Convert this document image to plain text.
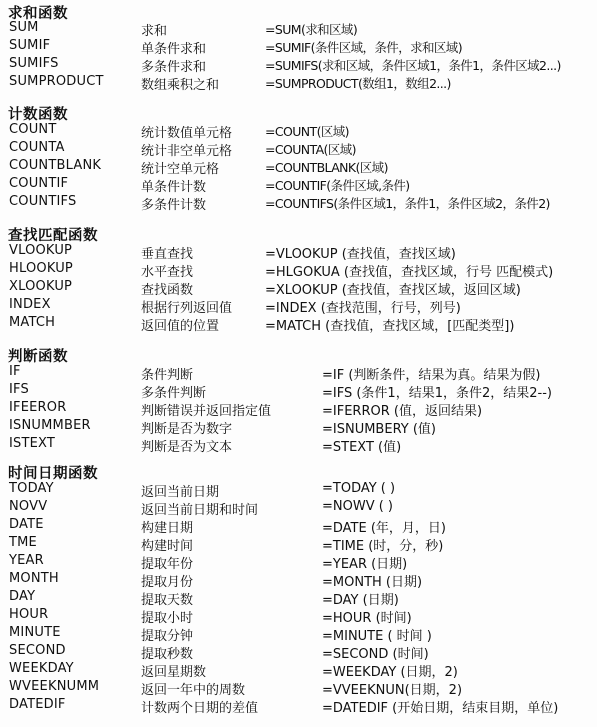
求和函数
SUM	求和	=SUM(求和区域)
SUMIF	单条件求和	=SUMIF(条件区域，条件，求和区域)
SUMIFS	多条件求和	=SUMIFS(求和区域，条件区域1，条件1，条件区域2...)
SUMPRODUCT	数组乘积之和	=SUMPRODUCT(数组1，数组2...)
计数函数
COUNT	统计数值单元格	=COUNT(区域)
COUNTA	统计非空单元格	=COUNTA(区域)
COUNTBLANK	统计空单元格	=COUNTBLANK(区域)
COUNTIF	单条件计数	=COUNTIF(条件区域,条件)
COUNTIFS	多条件计数	=COUNTIFS(条件区域1，条件1，条件区域2，条件2)
查找匹配函数
VLOOKUP	垂直查找	=VLOOKUP (查找值，查找区域)
HLOOKUP	水平查找	=HLGOKUA (查找值，查找区域，行号 匹配模式)
XLOOKUP	查找函数	=XLOOKUP (查找值，查找区域，返回区域)
INDEX	根据行列返回值	=INDEX (查找范围，行号，列号)
MATCH	返回值的位置	=MATCH (查找值，查找区域，[匹配类型])
判断函数
IF	条件判断	=IF (判断条件，结果为真。结果为假)
IFS	多条件判断	=IFS (条件1，结果1，条件2，结果2--)
IFEEROR	判断错误并返回指定值	=IFERROR (值，返回结果)
ISNUMMBER	判断是否为数字	=ISNUMBERY (值)
ISTEXT	判断是否为文本	=STEXT (值)
时间日期函数
TODAY	返回当前日期	=TODAY ( )
NOVV	返回当前日期和时间	=NOWV ( )
DATE	构建日期	=DATE (年，月，日)
TME	构建时间	=TIME (时，分，秒)
YEAR	提取年份	=YEAR (日期)
MONTH	提取月份	=MONTH (日期)
DAY	提取天数	=DAY (日期)
HOUR	提取小时	=HOUR (时间)
MINUTE	提取分钟	=MINUTE ( 时间 )
SECOND	提取秒数	=SECOND (时间)
WEEKDAY	返回星期数	=WEEKDAY (日期，2)
WVEEKNUMM	返回一年中的周数	=VVEEKNUN(日期，2)
DATEDIF	计数两个日期的差值	=DATEDIF (开始日期，结束目期，单位)
